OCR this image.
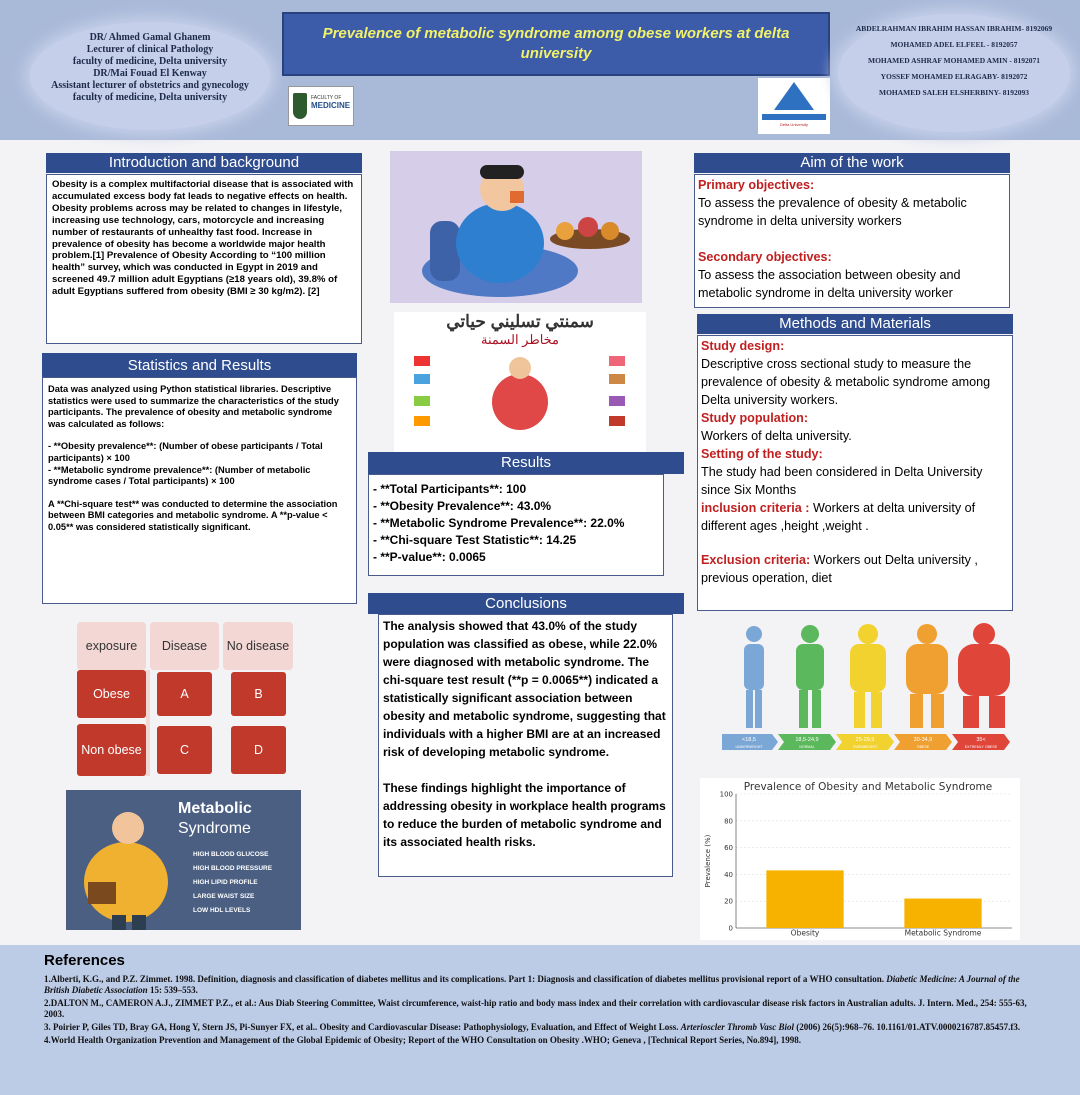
DR/ Ahmed Gamal Ghanem
Lecturer of clinical Pathology
faculty of medicine, Delta university
DR/Mai Fouad El Kenway
Assistant lecturer of obstetrics and gynecology
faculty of medicine, Delta university
Prevalence of metabolic syndrome among obese workers at delta university
FACULTY OF
MEDICINE
Delta University
ABDELRAHMAN IBRAHIM HASSAN IBRAHIM- 8192069
MOHAMED ADEL ELFEEL - 8192057
MOHAMED ASHRAF MOHAMED AMIN - 8192071
YOSSEF MOHAMED ELRAGABY- 8192072
MOHAMED SALEH ELSHERBINY- 8192093
Introduction and background
Obesity is a complex multifactorial disease that is associated with accumulated excess body fat leads to negative effects on health. Obesity problems across may be related to changes in lifestyle, increasing use technology, cars, motorcycle and increasing number of restaurants of unhealthy fast food. Increase in prevalence of obesity has become a worldwide major health problem.[1] Prevalence of Obesity According to “100 million health” survey, which was conducted in Egypt in 2019 and screened 49.7 million adult Egyptians (≥18 years old), 39.8% of adult Egyptians suffered from obesity (BMI ≥ 30 kg/m2). [2]
Statistics and Results

Data was analyzed using Python statistical libraries. Descriptive statistics were used to summarize the characteristics of the study participants. The prevalence of obesity and metabolic syndrome was calculated as follows:

- **Obesity prevalence**: (Number of obese participants / Total participants) × 100

- **Metabolic syndrome prevalence**: (Number of metabolic syndrome cases / Total participants) × 100

A **Chi-square test** was conducted to determine the association between BMI categories and metabolic syndrome. A **p-value < 0.05** was considered statistically significant.

سمنتي تسليني حياتي
مخاطر السمنة
Results
- **Total Participants**: 100
- **Obesity Prevalence**: 43.0%
- **Metabolic Syndrome Prevalence**: 22.0%
- **Chi-square Test Statistic**: 14.25
- **P-value**: 0.0065
Conclusions
The analysis showed that 43.0% of the study population was classified as obese, while 22.0% were diagnosed with metabolic syndrome. The chi-square test result (**p = 0.0065**) indicated a statistically significant association between obesity and metabolic syndrome, suggesting that individuals with a higher BMI are at an increased risk of developing metabolic syndrome.
These findings highlight the importance of addressing obesity in workplace health programs to reduce the burden of metabolic syndrome and its associated health risks.
Aim of the work
Primary objectives:
To assess the prevalence of obesity & metabolic syndrome in delta university workers
Secondary objectives:
To assess the association between obesity and metabolic syndrome in delta university worker
Methods and Materials
Study design:
Descriptive cross sectional study to measure the prevalence of obesity & metabolic syndrome among Delta university workers.
Study population:
Workers of delta university.
Setting of the study:
The study had been considered in Delta University since Six Months
inclusion criteria : Workers at delta university of different ages ,height ,weight .
Exclusion criteria: Workers out Delta university , previous operation, diet
exposure	Disease	No disease
Obese	A	B
Non obese	C	D
Metabolic
Syndrome
HIGH BLOOD GLUCOSE
HIGH BLOOD PRESSURE
HIGH LIPID PROFILE
LARGE WAIST SIZE
LOW HDL LEVELS
<18,5	18,5-24,9	25-29,9	30-34,9	35<
UNDERWEIGHT	NORMAL	OVERWEIGHT	OBESE	EXTREMLY OBESE
Prevalence of Obesity and Metabolic Syndrome
0
20
40
60
80
100
Obesity	Metabolic Syndrome
Prevalence (%)
References
1.Alberti, K.G., and P.Z. Zimmet. 1998. Definition, diagnosis and classification of diabetes mellitus and its complications. Part 1: Diagnosis and classification of diabetes mellitus provisional report of a WHO consultation. Diabetic Medicine: A Journal of the British Diabetic Association 15: 539–553.
2.DALTON M., CAMERON A.J., ZIMMET P.Z., et al.: Aus Diab Steering Committee, Waist circumference, waist-hip ratio and body mass index and their correlation with cardiovascular disease risk factors in Australian adults. J. Intern. Med., 254: 555-63, 2003.
3. Poirier P, Giles TD, Bray GA, Hong Y, Stern JS, Pi-Sunyer FX, et al.. Obesity and Cardiovascular Disease: Pathophysiology, Evaluation, and Effect of Weight Loss. Arterioscler Thromb Vasc Biol (2006) 26(5):968–76. 10.1161/01.ATV.0000216787.85457.f3.
4.World Health Organization Prevention and Management of the Global Epidemic of Obesity; Report of the WHO Consultation on Obesity .WHO; Geneva , [Technical Report Series, No.894], 1998.
